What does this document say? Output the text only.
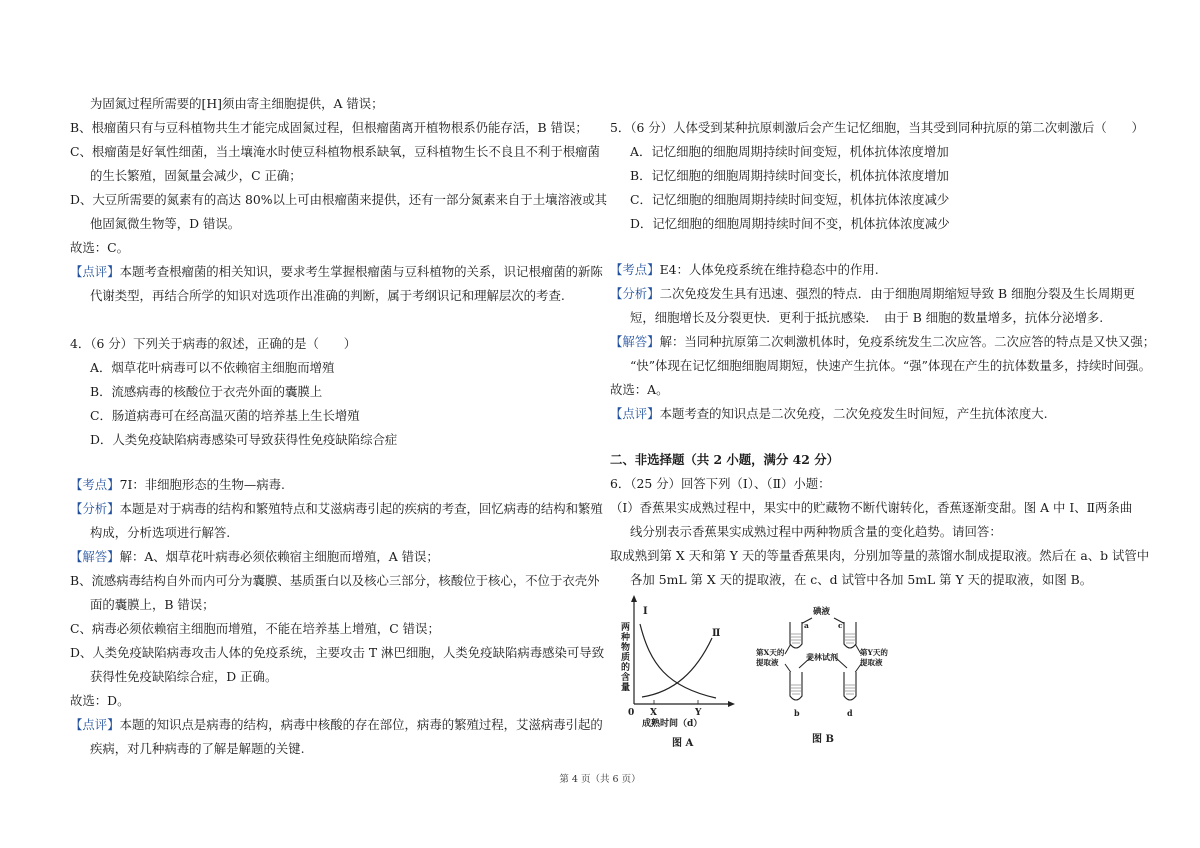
为固氮过程所需要的[H]须由寄主细胞提供，A 错误；
B、根瘤菌只有与豆科植物共生才能完成固氮过程，但根瘤菌离开植物根系仍能存活，B 错误；
C、根瘤菌是好氧性细菌，当土壤淹水时使豆科植物根系缺氧，豆科植物生长不良且不利于根瘤菌
的生长繁殖，固氮量会减少，C 正确；
D、大豆所需要的氮素有的高达 80%以上可由根瘤菌来提供，还有一部分氮素来自于土壤溶液或其
他固氮微生物等，D 错误。
故选：C。
【点评】本题考查根瘤菌的相关知识，要求考生掌握根瘤菌与豆科植物的关系，识记根瘤菌的新陈
代谢类型，再结合所学的知识对选项作出准确的判断，属于考纲识记和理解层次的考查.
4．（6 分）下列关于病毒的叙述，正确的是（　　）
A．烟草花叶病毒可以不依赖宿主细胞而增殖
B．流感病毒的核酸位于衣壳外面的囊膜上
C．肠道病毒可在经高温灭菌的培养基上生长增殖
D．人类免疫缺陷病毒感染可导致获得性免疫缺陷综合症
【考点】7I：非细胞形态的生物—病毒.
【分析】本题是对于病毒的结构和繁殖特点和艾滋病毒引起的疾病的考查，回忆病毒的结构和繁殖
构成，分析选项进行解答.
【解答】解：A、烟草花叶病毒必须依赖宿主细胞而增殖，A 错误；
B、流感病毒结构自外而内可分为囊膜、基质蛋白以及核心三部分，核酸位于核心，不位于衣壳外
面的囊膜上，B 错误；
C、病毒必须依赖宿主细胞而增殖，不能在培养基上增殖，C 错误；
D、人类免疫缺陷病毒攻击人体的免疫系统，主要攻击 T 淋巴细胞，人类免疫缺陷病毒感染可导致
获得性免疫缺陷综合症，D 正确。
故选：D。
【点评】本题的知识点是病毒的结构，病毒中核酸的存在部位，病毒的繁殖过程，艾滋病毒引起的
疾病，对几种病毒的了解是解题的关键.
5．（6 分）人体受到某种抗原刺激后会产生记忆细胞，当其受到同种抗原的第二次刺激后（　　）
A．记忆细胞的细胞周期持续时间变短，机体抗体浓度增加
B．记忆细胞的细胞周期持续时间变长，机体抗体浓度增加
C．记忆细胞的细胞周期持续时间变短，机体抗体浓度减少
D．记忆细胞的细胞周期持续时间不变，机体抗体浓度减少
【考点】E4：人体免疫系统在维持稳态中的作用.
【分析】二次免疫发生具有迅速、强烈的特点．由于细胞周期缩短导致 B 细胞分裂及生长周期更
短，细胞增长及分裂更快．更利于抵抗感染．　由于 B 细胞的数量增多，抗体分泌增多.
【解答】解：当同种抗原第二次刺激机体时，免疫系统发生二次应答。二次应答的特点是又快又强；
“快”体现在记忆细胞细胞周期短，快速产生抗体。“强”体现在产生的抗体数量多，持续时间强。
故选：A。
【点评】本题考查的知识点是二次免疫，二次免疫发生时间短，产生抗体浓度大.
二、非选择题（共 2 小题，满分 42 分）
6．（25 分）回答下列（I）、（Ⅱ）小题：
（I）香蕉果实成熟过程中，果实中的贮藏物不断代谢转化，香蕉逐渐变甜。图 A 中 I、Ⅱ两条曲
线分别表示香蕉果实成熟过程中两种物质含量的变化趋势。请回答：
取成熟到第 X 天和第 Y 天的等量香蕉果肉，分别加等量的蒸馏水制成提取液。然后在 a、b 试管中
各加 5mL 第 X 天的提取液，在 c、d 试管中各加 5mL 第 Y 天的提取液，如图 B。
两
种
物
质
的
含
量
Ⅰ
Ⅱ
0 X	Y
成熟时间（d）
图 A
碘液
a	c
第X天的
提取液
第Y天的
提取液
斐林试剂
b	d
图 B
第 4 页（共 6 页）
